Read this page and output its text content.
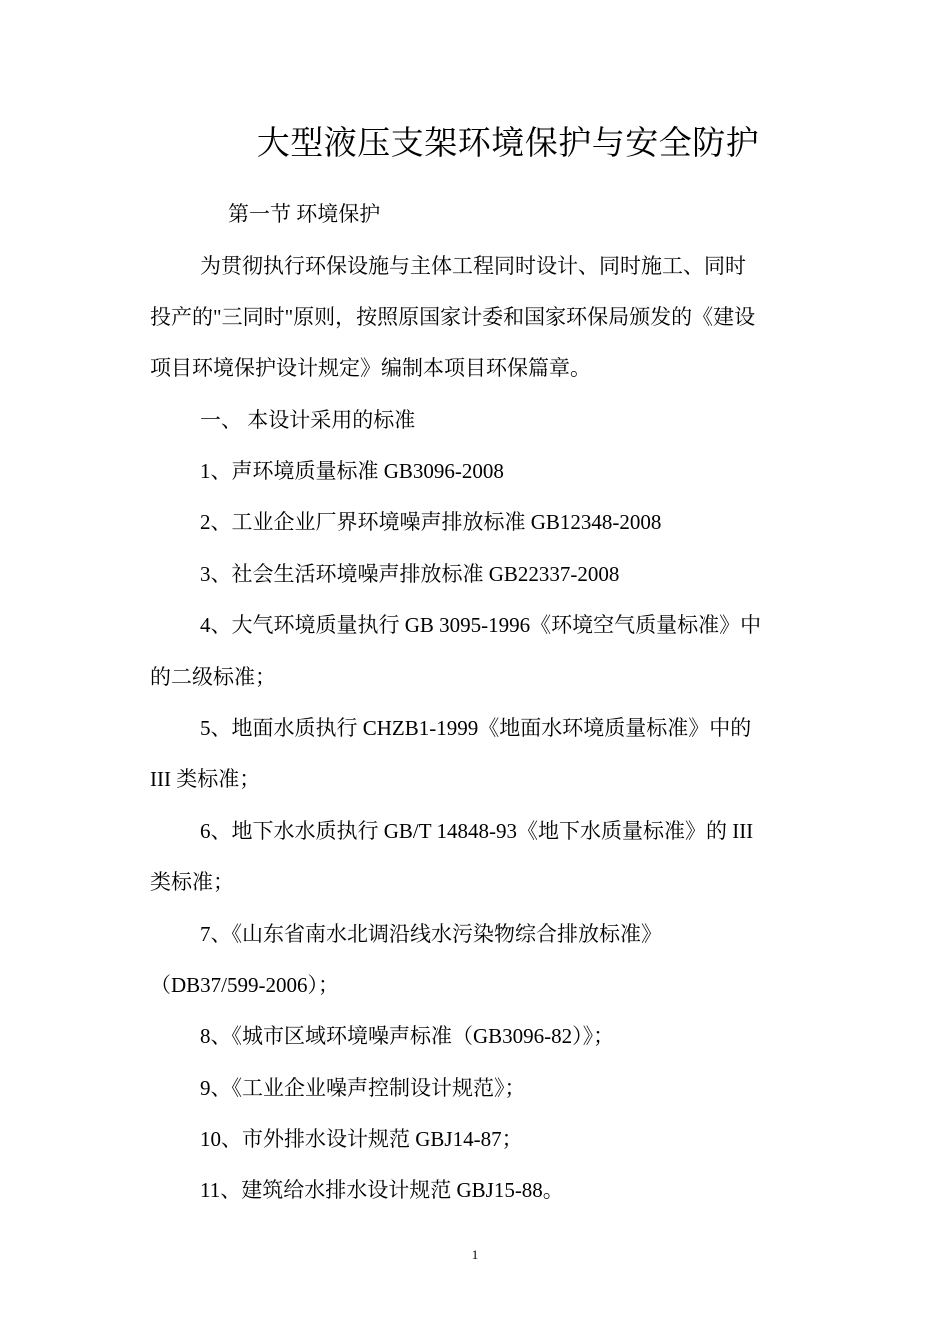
大型液压支架环境保护与安全防护
第一节 环境保护
为贯彻执行环保设施与主体工程同时设计、同时施工、同时
投产的"三同时"原则，按照原国家计委和国家环保局颁发的《建设
项目环境保护设计规定》编制本项目环保篇章。
一、 本设计采用的标准
1、声环境质量标准 GB3096-2008
2、工业企业厂界环境噪声排放标准 GB12348-2008
3、社会生活环境噪声排放标准 GB22337-2008
4、大气环境质量执行 GB 3095-1996《环境空气质量标准》中
的二级标准；
5、地面水质执行 CHZB1-1999《地面水环境质量标准》中的
III 类标准；
6、地下水水质执行 GB/T 14848-93《地下水质量标准》的 III
类标准；
7、《山东省南水北调沿线水污染物综合排放标准》
（DB37/599-2006）；
8、《城市区域环境噪声标准（GB3096-82）》；
9、《工业企业噪声控制设计规范》；
10、市外排水设计规范 GBJ14-87；
11、建筑给水排水设计规范 GBJ15-88。
1
